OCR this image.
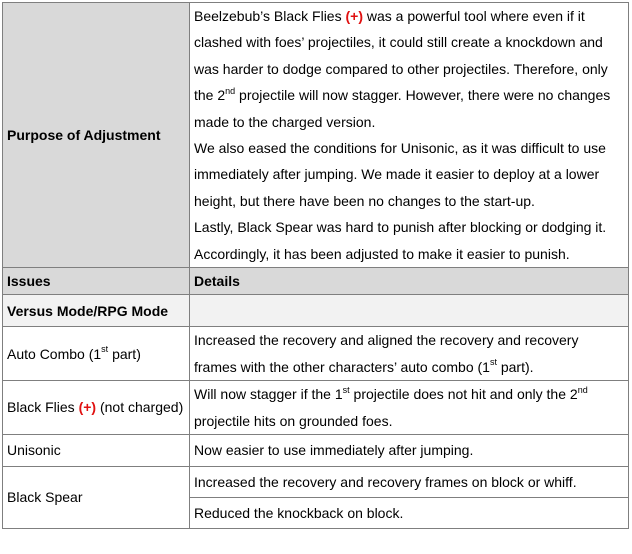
Purpose of Adjustment	Beelzebub’s Black Flies (+) was a powerful tool where even if it clashed with foes’ projectiles, it could still create a knockdown and was harder to dodge compared to other projectiles. Therefore, only the 2nd projectile will now stagger. However, there were no changes made to the charged version.
We also eased the conditions for Unisonic, as it was difficult to use immediately after jumping. We made it easier to deploy at a lower height, but there have been no changes to the start-up.
Lastly, Black Spear was hard to punish after blocking or dodging it. Accordingly, it has been adjusted to make it easier to punish.
Issues	Details
Versus Mode/RPG Mode	
Auto Combo (1st part)	Increased the recovery and aligned the recovery and recovery frames with the other characters’ auto combo (1st part).
Black Flies (+) (not charged)	Will now stagger if the 1st projectile does not hit and only the 2nd projectile hits on grounded foes.
Unisonic	Now easier to use immediately after jumping.
Black Spear	Increased the recovery and recovery frames on block or whiff.
	Reduced the knockback on block.
